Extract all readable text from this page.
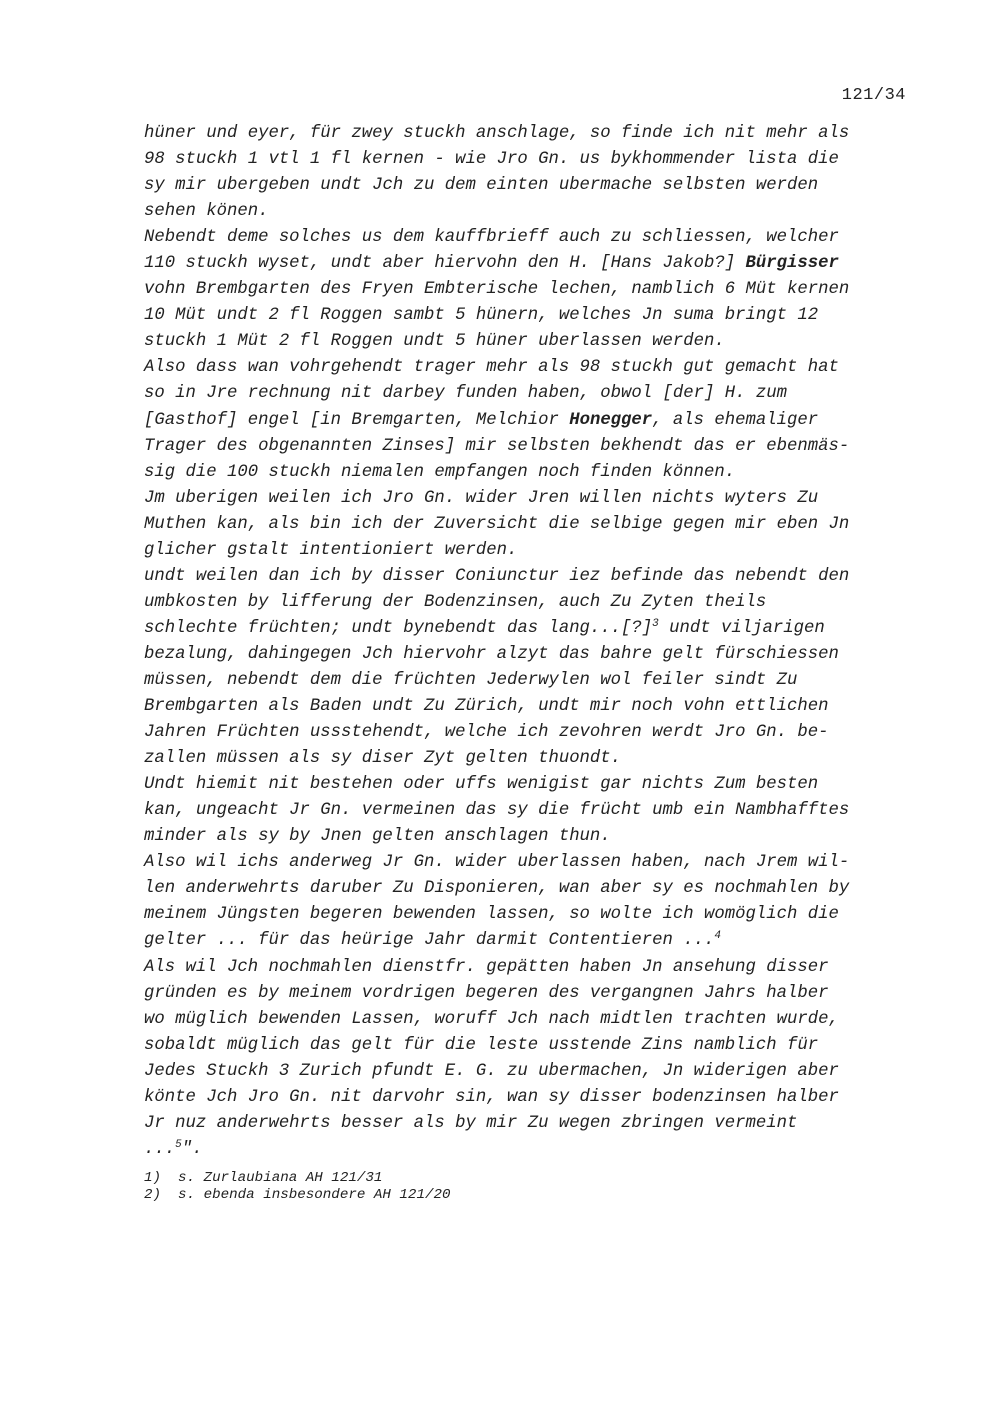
121/34
hüner und eyer, für zwey stuckh anschlage, so finde ich nit mehr als
98 stuckh 1 vtl 1 fl kernen - wie Jro Gn. us bykhommender lista die
sy mir ubergeben undt Jch zu dem einten ubermache selbsten werden
sehen könen.
Nebendt deme solches us dem kauffbrieff auch zu schliessen, welcher
110 stuckh wyset, undt aber hiervohn den H. [Hans Jakob?] Bürgisser
vohn Brembgarten des Fryen Embterische lechen, namblich 6 Müt kernen
10 Müt undt 2 fl Roggen sambt 5 hünern, welches Jn suma bringt 12
stuckh 1 Müt 2 fl Roggen undt 5 hüner uberlassen werden.
Also dass wan vohrgehendt trager mehr als 98 stuckh gut gemacht hat
so in Jre rechnung nit darbey funden haben, obwol [der] H. zum
[Gasthof] engel [in Bremgarten, Melchior Honegger, als ehemaliger
Trager des obgenannten Zinses] mir selbsten bekhendt das er ebenmäs-
sig die 100 stuckh niemalen empfangen noch finden können.
Jm uberigen weilen ich Jro Gn. wider Jren willen nichts wyters Zu
Muthen kan, als bin ich der Zuversicht die selbige gegen mir eben Jn
glicher gstalt intentioniert werden.
undt weilen dan ich by disser Coniunctur iez befinde das nebendt den
umbkosten by lifferung der Bodenzinsen, auch Zu Zyten theils
schlechte früchten; undt bynebendt das lang...[?]$^3$ undt viljarigen
bezalung, dahingegen Jch hiervohr alzyt das bahre gelt fürschiessen
müssen, nebendt dem die früchten Jederwylen wol feiler sindt Zu
Brembgarten als Baden undt Zu Zürich, undt mir noch vohn ettlichen
Jahren Früchten ussstehendt, welche ich zevohren werdt Jro Gn. be-
zallen müssen als sy diser Zyt gelten thuondt.
Undt hiemit nit bestehen oder uffs wenigist gar nichts Zum besten
kan, ungeacht Jr Gn. vermeinen das sy die frücht umb ein Nambhafftes
minder als sy by Jnen gelten anschlagen thun.
Also wil ichs anderweg Jr Gn. wider uberlassen haben, nach Jrem wil-
len anderwehrts daruber Zu Disponieren, wan aber sy es nochmahlen by
meinem Jüngsten begeren bewenden lassen, so wolte ich womöglich die
gelter ... für das heürige Jahr darmit Contentieren ...$^4$
Als wil Jch nochmahlen dienstfr. gepätten haben Jn ansehung disser
gründen es by meinem vordrigen begeren des vergangnen Jahrs halber
wo müglich bewenden Lassen, woruff Jch nach midtlen trachten wurde,
sobaldt müglich das gelt für die leste usstende Zins namblich für
Jedes Stuckh 3 Zurich pfundt E. G. zu ubermachen, Jn widerigen aber
könte Jch Jro Gn. nit darvohr sin, wan sy disser bodenzinsen halber
Jr nuz anderwehrts besser als by mir Zu wegen zbringen vermeint
...$^5$".
1)  s. Zurlaubiana AH 121/31
2)  s. ebenda insbesondere AH 121/20
